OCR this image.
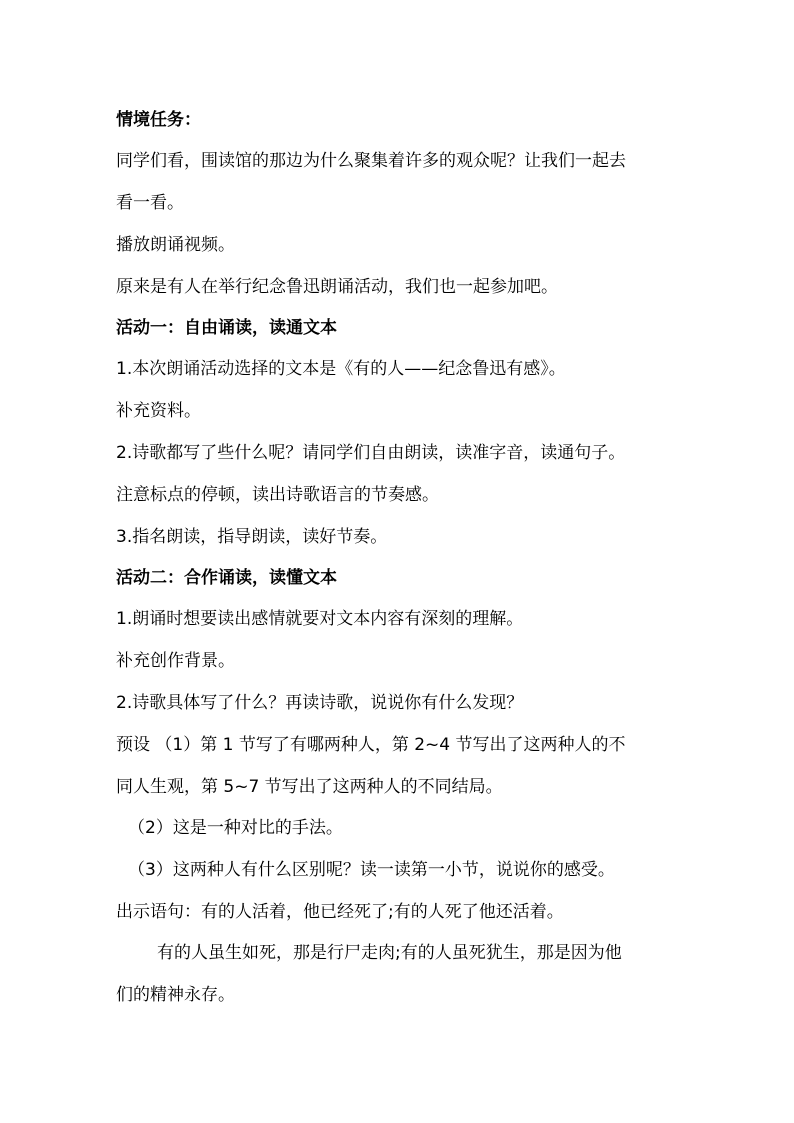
情境任务：
同学们看，围读馆的那边为什么聚集着许多的观众呢？让我们一起去
看一看。
播放朗诵视频。
原来是有人在举行纪念鲁迅朗诵活动，我们也一起参加吧。
活动一：自由诵读，读通文本
1.本次朗诵活动选择的文本是《有的人——纪念鲁迅有感》。
补充资料。
2.诗歌都写了些什么呢？请同学们自由朗读，读准字音，读通句子。
注意标点的停顿，读出诗歌语言的节奏感。
3.指名朗读，指导朗读，读好节奏。
活动二：合作诵读，读懂文本
1.朗诵时想要读出感情就要对文本内容有深刻的理解。
补充创作背景。
2.诗歌具体写了什么？再读诗歌，说说你有什么发现？
预设 （1）第 1 节写了有哪两种人，第 2~4 节写出了这两种人的不
同人生观，第 5~7 节写出了这两种人的不同结局。
（2）这是一种对比的手法。
（3）这两种人有什么区别呢？读一读第一小节，说说你的感受。
出示语句：有的人活着，他已经死了;有的人死了他还活着。
有的人虽生如死，那是行尸走肉;有的人虽死犹生，那是因为他
们的精神永存。
